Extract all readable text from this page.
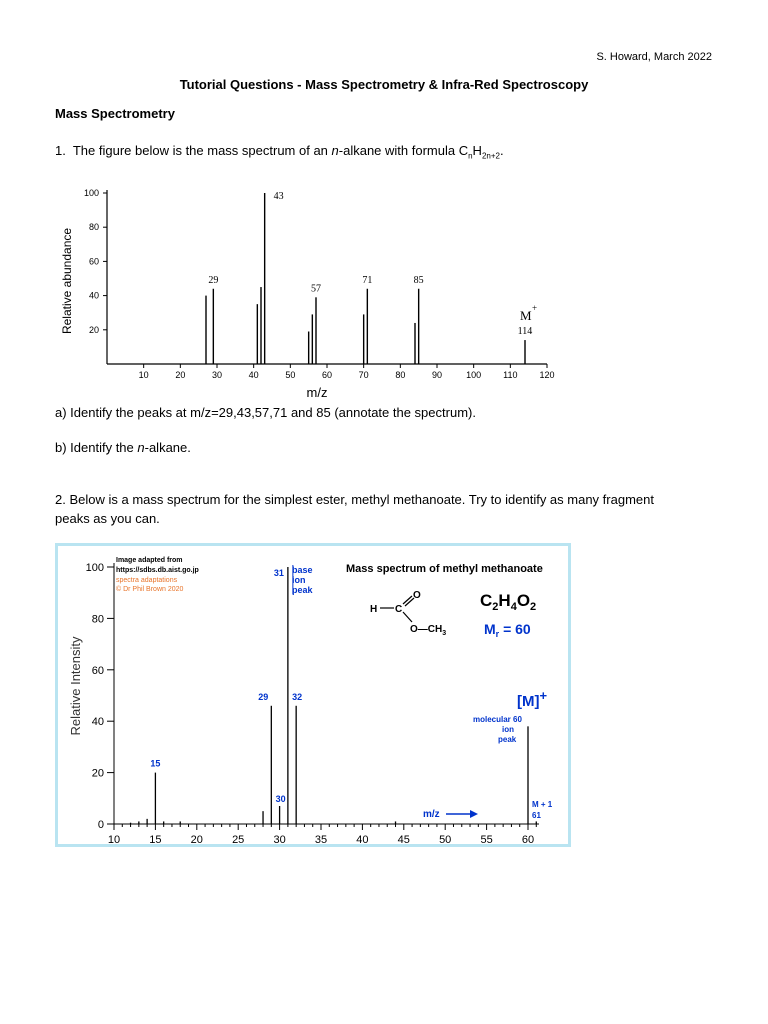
S. Howard, March 2022
Tutorial Questions - Mass Spectrometry & Infra-Red Spectroscopy
Mass Spectrometry
1. The figure below is the mass spectrum of an n-alkane with formula $C_nH_{2n+2}$.
20
40
60
80
100
10	20	30	40	50	60	70	80	90	100 110 120
29
43
57
71	85
114
Relative abundance
m/z
M +
a) Identify the peaks at m/z=29,43,57,71 and 85 (annotate the spectrum).
b) Identify the n-alkane.
2. Below is a mass spectrum for the simplest ester, methyl methanoate. Try to identify as many fragment peaks as you can.
0
20
40
60
80
100
10	15	20	25	30	35	40	45	50	55	60
15
29
30
32
31
Relative Intensity
Image adapted from
https://sdbs.db.aist.go.jp
spectra adaptations
© Dr Phil Brown 2020
base
ion
peak
Mass spectrum of methyl methanoate
H C
O
$O—CH_3$
$C_2H_4O_2$
$M_r = 60$
[M]+
molecular 60
ion
peak
M + 1
61
m/z
